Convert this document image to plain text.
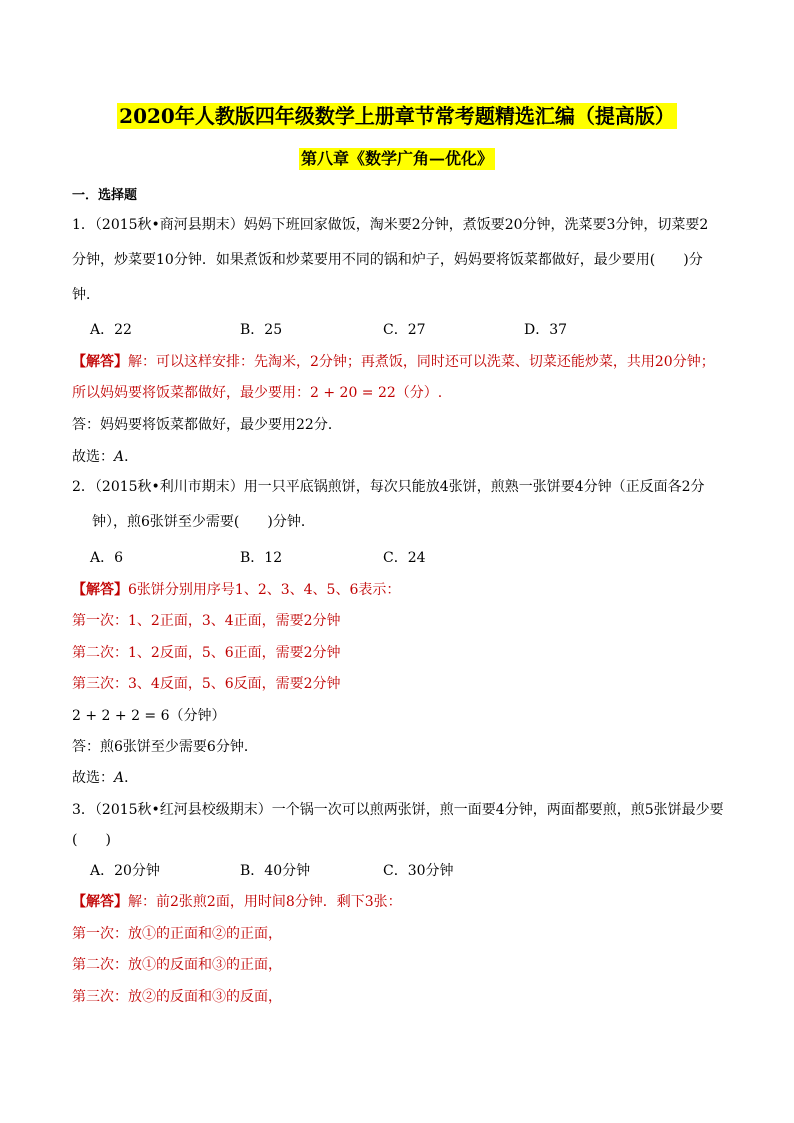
2020年人教版四年级数学上册章节常考题精选汇编（提高版）
第八章《数学广角—优化》
一．选择题
1．（2015秋•商河县期末）妈妈下班回家做饭，淘米要2分钟，煮饭要20分钟，洗菜要3分钟，切菜要2
分钟，炒菜要10分钟．如果煮饭和炒菜要用不同的锅和炉子，妈妈要将饭菜都做好，最少要用(　　)分
钟．
A．22	B．25	C．27	D．37
【解答】解：可以这样安排：先淘米，2分钟；再煮饭，同时还可以洗菜、切菜还能炒菜，共用20分钟；
所以妈妈要将饭菜都做好，最少要用：2 + 20 = 22（分）.
答：妈妈要将饭菜都做好，最少要用22分．
故选：A．
2．（2015秋•利川市期末）用一只平底锅煎饼，每次只能放4张饼，煎熟一张饼要4分钟（正反面各2分
钟），煎6张饼至少需要(　　)分钟．
A．6	B．12	C．24
【解答】6张饼分别用序号1、2、3、4、5、6表示：
第一次：1、2正面，3、4正面，需要2分钟
第二次：1、2反面，5、6正面，需要2分钟
第三次：3、4反面，5、6反面，需要2分钟
2 + 2 + 2 = 6（分钟）
答：煎6张饼至少需要6分钟．
故选：A．
3．（2015秋•红河县校级期末）一个锅一次可以煎两张饼，煎一面要4分钟，两面都要煎，煎5张饼最少要
(　　)
A．20分钟	B．40分钟	C．30分钟
【解答】解：前2张煎2面，用时间8分钟．剩下3张：
第一次：放①的正面和②的正面，
第二次：放①的反面和③的正面，
第三次：放②的反面和③的反面，
